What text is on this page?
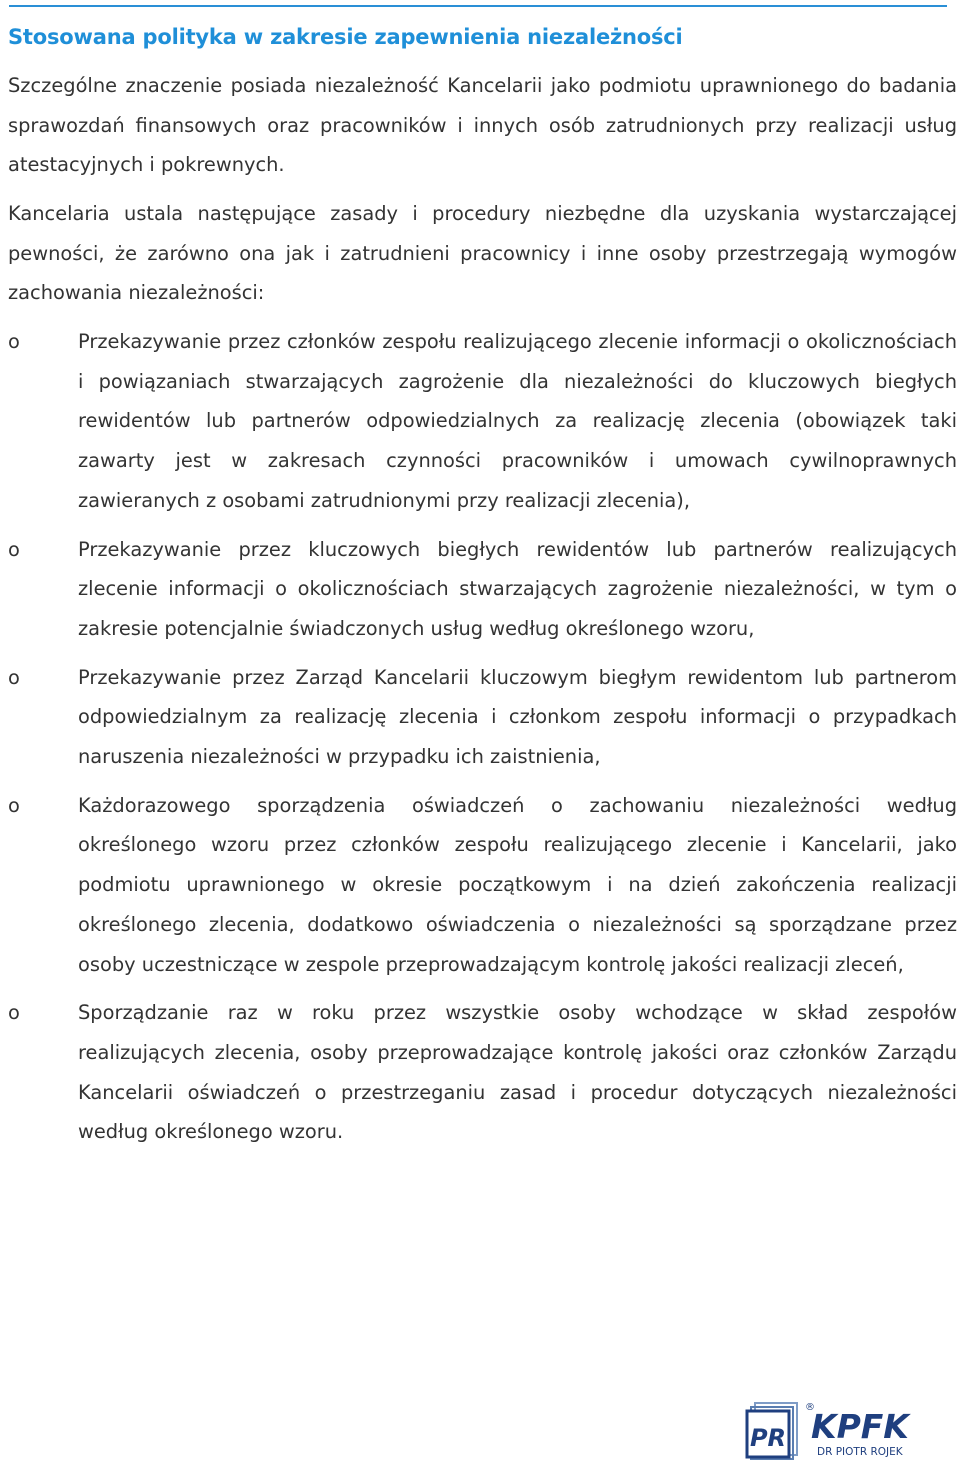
Stosowana polityka w zakresie zapewnienia niezależności

Szczególne znaczenie posiada niezależność Kancelarii jako podmiotu uprawnionego do badania sprawozdań finansowych oraz pracowników i innych osób zatrudnionych przy realizacji usług atestacyjnych i pokrewnych.

Kancelaria ustala następujące zasady i procedury niezbędne dla uzyskania wystarczającej pewności, że zarówno ona jak i zatrudnieni pracownicy i inne osoby przestrzegają wymogów zachowania niezależności:

o	Przekazywanie przez członków zespołu realizującego zlecenie informacji o okolicznościach i powiązaniach stwarzających zagrożenie dla niezależności do kluczowych biegłych rewidentów lub partnerów odpowiedzialnych za realizację zlecenia (obowiązek taki zawarty jest w zakresach czynności pracowników i umowach cywilnoprawnych zawieranych z osobami zatrudnionymi przy realizacji zlecenia),
o	Przekazywanie przez kluczowych biegłych rewidentów lub partnerów realizujących zlecenie informacji o okolicznościach stwarzających zagrożenie niezależności, w tym o zakresie potencjalnie świadczonych usług według określonego wzoru,
o	Przekazywanie przez Zarząd Kancelarii kluczowym biegłym rewidentom lub partnerom odpowiedzialnym za realizację zlecenia i członkom zespołu informacji o przypadkach naruszenia niezależności w przypadku ich zaistnienia,
o	Każdorazowego sporządzenia oświadczeń o zachowaniu niezależności według określonego wzoru przez członków zespołu realizującego zlecenie i Kancelarii, jako podmiotu uprawnionego w okresie początkowym i na dzień zakończenia realizacji określonego zlecenia, dodatkowo oświadczenia o niezależności są sporządzane przez osoby uczestniczące w zespole przeprowadzającym kontrolę jakości realizacji zleceń,
o	Sporządzanie raz w roku przez wszystkie osoby wchodzące w skład zespołów realizujących zlecenia, osoby przeprowadzające kontrolę jakości oraz członków Zarządu Kancelarii oświadczeń o przestrzeganiu zasad i procedur dotyczących niezależności według określonego wzoru.
PR KPFK
®
DR PIOTR ROJEK
